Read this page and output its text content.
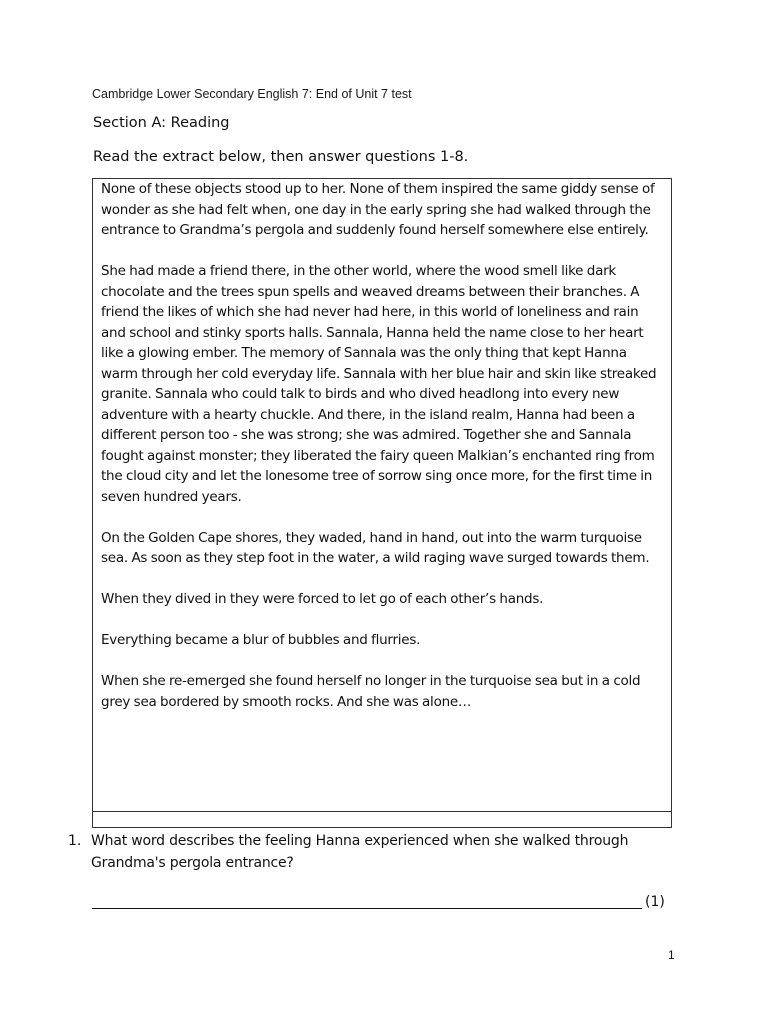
Cambridge Lower Secondary English 7: End of Unit 7 test
Section A: Reading
Read the extract below, then answer questions 1-8.

None of these objects stood up to her. None of them inspired the same giddy sense of wonder as she had felt when, one day in the early spring she had walked through the entrance to Grandma’s pergola and suddenly found herself somewhere else entirely.

She had made a friend there, in the other world, where the wood smell like dark chocolate and the trees spun spells and weaved dreams between their branches. A friend the likes of which she had never had here, in this world of loneliness and rain and school and stinky sports halls. Sannala, Hanna held the name close to her heart like a glowing ember. The memory of Sannala was the only thing that kept Hanna warm through her cold everyday life. Sannala with her blue hair and skin like streaked granite. Sannala who could talk to birds and who dived headlong into every new adventure with a hearty chuckle. And there, in the island realm, Hanna had been a different person too - she was strong; she was admired. Together she and Sannala fought against monster; they liberated the fairy queen Malkian’s enchanted ring from the cloud city and let the lonesome tree of sorrow sing once more, for the first time in seven hundred years.

On the Golden Cape shores, they waded, hand in hand, out into the warm turquoise sea. As soon as they step foot in the water, a wild raging wave surged towards them.

When they dived in they were forced to let go of each other’s hands.

Everything became a blur of bubbles and flurries.

When she re-emerged she found herself no longer in the turquoise sea but in a cold grey sea bordered by smooth rocks. And she was alone…

1. What word describes the feeling Hanna experienced when she walked through Grandma's pergola entrance?
(1)
1
